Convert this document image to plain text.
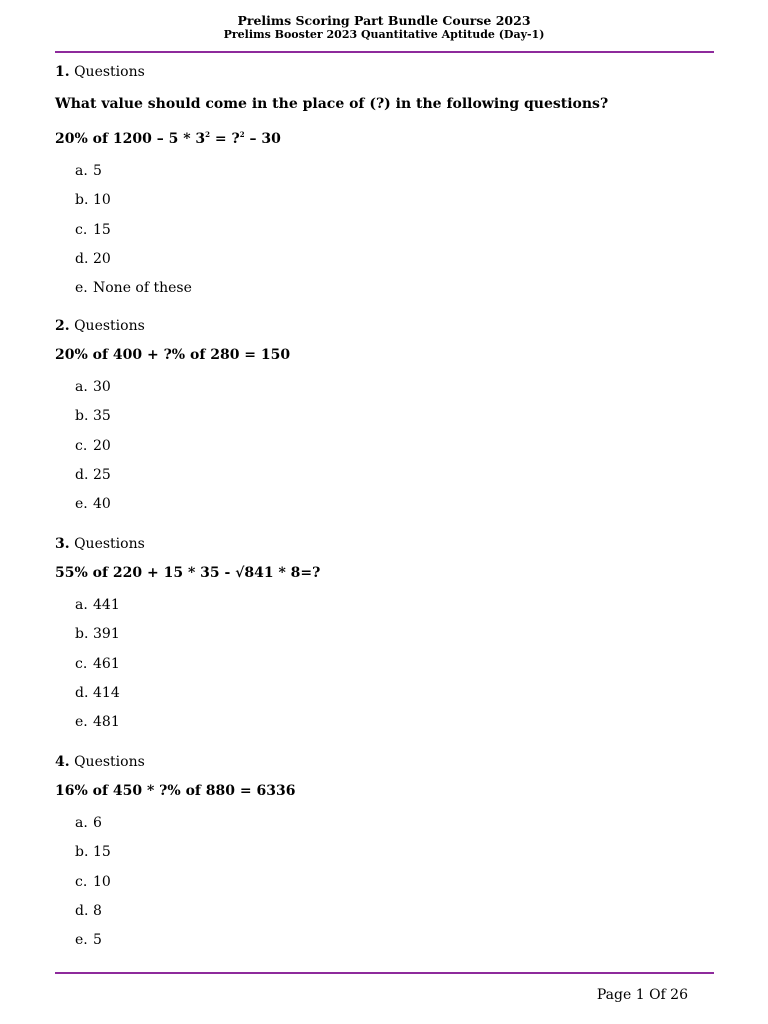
Prelims Scoring Part Bundle Course 2023
Prelims Booster 2023 Quantitative Aptitude (Day-1)
1. Questions
What value should come in the place of (?) in the following questions?
20% of $1200 - 5 * 3^2$ = ?$^2$ – 30
a. 5
b. 10
c. 15
d. 20
e. None of these
2. Questions
20% of 400 + ?% of 280 = 150
a. 30
b. 35
c. 20
d. 25
e. 40
3. Questions
55% of 220 + 15 * 35 - √841 * 8=?
a. 441
b. 391
c. 461
d. 414
e. 481
4. Questions
16% of 450 * ?% of 880 = 6336
a. 6
b. 15
c. 10
d. 8
e. 5
Page 1 Of 26
